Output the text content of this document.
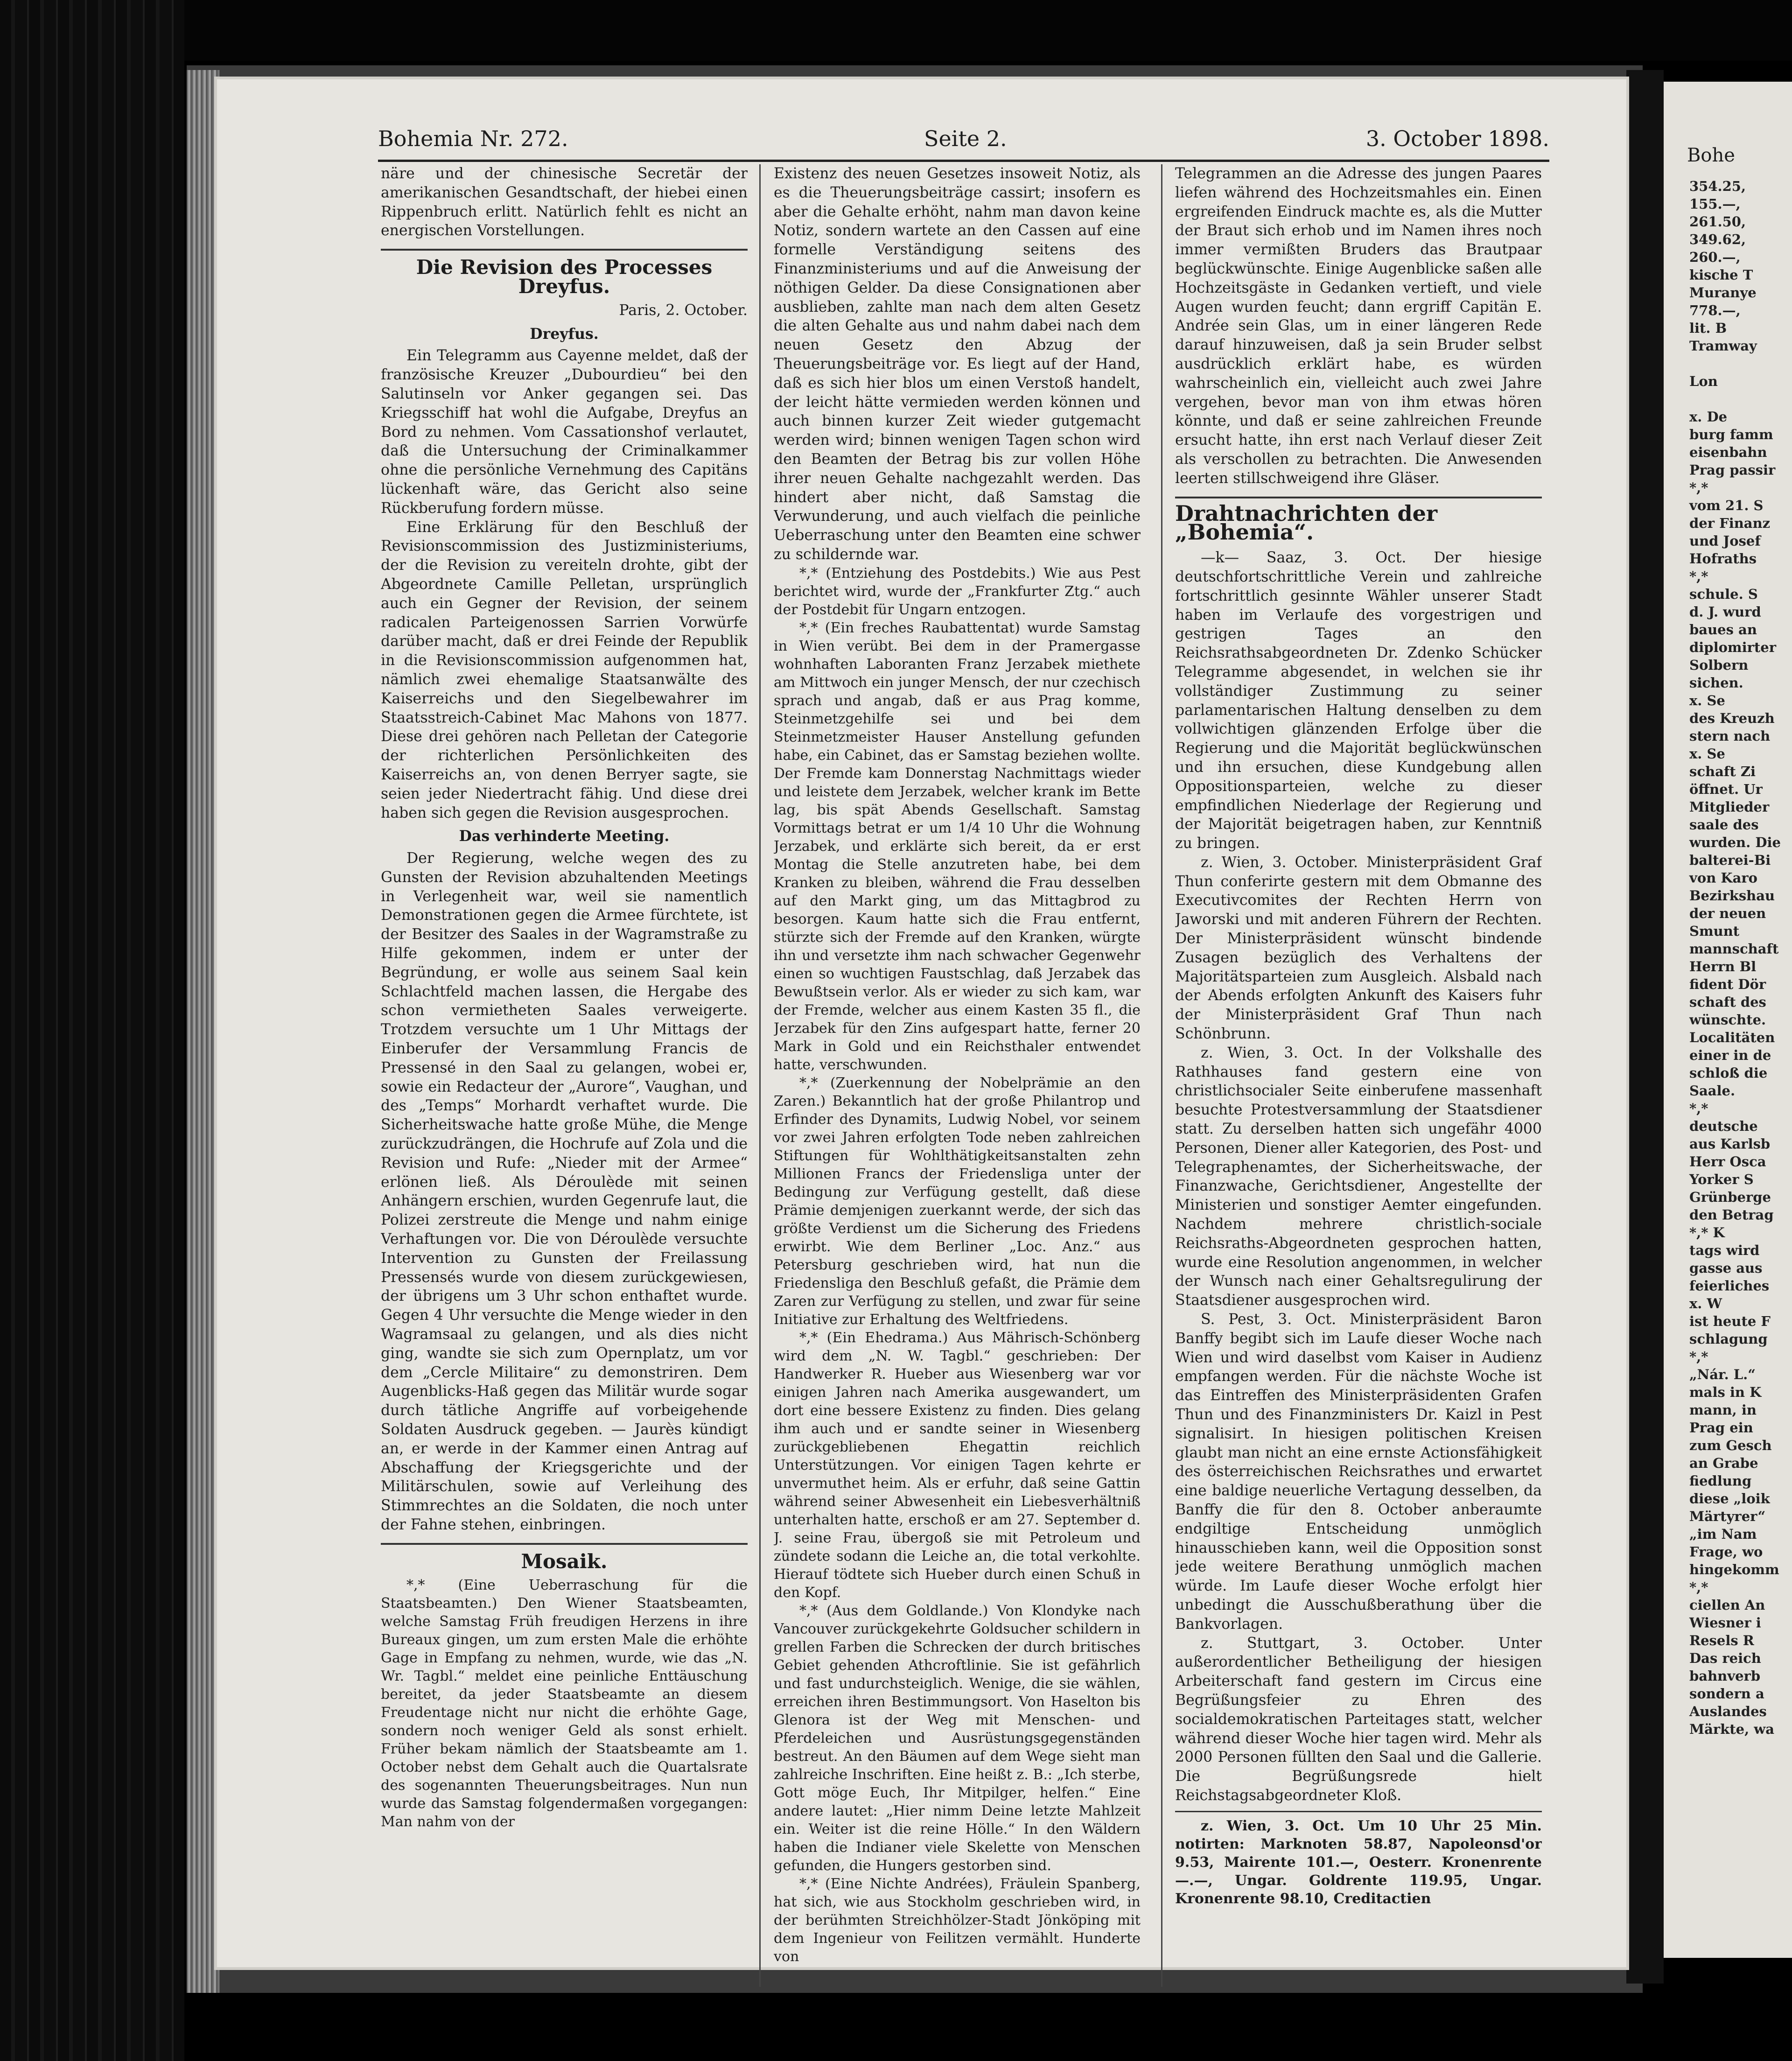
Bohe
354.25,
155.—,
261.50,
349.62,
260.—,
kische T
Muranye
778.—,
lit. B
Tramway

Lon

x. De
burg famm
eisenbahn
Prag passir
*,*
vom 21. S
der Finanz
und Josef
Hofraths
*,*
schule. S
d. J. wurd
baues an
diplomirter
Solbern
sichen.
x. Se
des Kreuzh
stern nach
x. Se
schaft Zi
öffnet. Ur
Mitglieder
saale des
wurden. Die
balterei-Bi
von Karo
Bezirkshau
der neuen
Smunt
mannschaft
Herrn Bl
fident Dör
schaft des
wünschte.
Localitäten
einer in de
schloß die
Saale.
*,*
deutsche
aus Karlsb
Herr Osca
Yorker S
Grünberge
den Betrag
*,* K
tags wird
gasse aus
feierliches
x. W
ist heute F
schlagung
*,*
„Nár. L.“
mals in K
mann, in
Prag ein
zum Gesch
an Grabe
fiedlung
diese „loik
Märtyrer“
„im Nam
Frage, wo
hingekomm
*,*
ciellen An
Wiesner i
Resels R
Das reich
bahnverb
sondern a
Auslandes
Märkte, wa
Bohemia Nr. 272.	Seite 2.	3. October 1898.

näre und der chinesische Secretär der amerikanischen Gesandtschaft, der hiebei einen Rippenbruch erlitt. Natürlich fehlt es nicht an energischen Vorstellungen.

Die Revision des Processes Dreyfus.
Paris, 2. October.
Dreyfus.

Ein Telegramm aus Cayenne meldet, daß der französische Kreuzer „Dubourdieu“ bei den Salutinseln vor Anker gegangen sei. Das Kriegsschiff hat wohl die Aufgabe, Dreyfus an Bord zu nehmen. Vom Cassationshof verlautet, daß die Untersuchung der Criminalkammer ohne die persönliche Vernehmung des Capitäns lückenhaft wäre, das Gericht also seine Rückberufung fordern müsse.

Eine Erklärung für den Beschluß der Revisionscommission des Justizministeriums, der die Revision zu vereiteln drohte, gibt der Abgeordnete Camille Pelletan, ursprünglich auch ein Gegner der Revision, der seinem radicalen Parteigenossen Sarrien Vorwürfe darüber macht, daß er drei Feinde der Republik in die Revisionscommission aufgenommen hat, nämlich zwei ehemalige Staatsanwälte des Kaiserreichs und den Siegelbewahrer im Staatsstreich-Cabinet Mac Mahons von 1877. Diese drei gehören nach Pelletan der Categorie der richterlichen Persönlichkeiten des Kaiserreichs an, von denen Berryer sagte, sie seien jeder Niedertracht fähig. Und diese drei haben sich gegen die Revision ausgesprochen.

Das verhinderte Meeting.

Der Regierung, welche wegen des zu Gunsten der Revision abzuhaltenden Meetings in Verlegenheit war, weil sie namentlich Demonstrationen gegen die Armee fürchtete, ist der Besitzer des Saales in der Wagramstraße zu Hilfe gekommen, indem er unter der Begründung, er wolle aus seinem Saal kein Schlachtfeld machen lassen, die Hergabe des schon vermietheten Saales verweigerte. Trotzdem versuchte um 1 Uhr Mittags der Einberufer der Versammlung Francis de Pressensé in den Saal zu gelangen, wobei er, sowie ein Redacteur der „Aurore“, Vaughan, und des „Temps“ Morhardt verhaftet wurde. Die Sicherheitswache hatte große Mühe, die Menge zurückzudrängen, die Hochrufe auf Zola und die Revision und Rufe: „Nieder mit der Armee“ erlönen ließ. Als Déroulède mit seinen Anhängern erschien, wurden Gegenrufe laut, die Polizei zerstreute die Menge und nahm einige Verhaftungen vor. Die von Déroulède versuchte Intervention zu Gunsten der Freilassung Pressensés wurde von diesem zurückgewiesen, der übrigens um 3 Uhr schon enthaftet wurde. Gegen 4 Uhr versuchte die Menge wieder in den Wagramsaal zu gelangen, und als dies nicht ging, wandte sie sich zum Opernplatz, um vor dem „Cercle Militaire“ zu demonstriren. Dem Augenblicks-Haß gegen das Militär wurde sogar durch tätliche Angriffe auf vorbeigehende Soldaten Ausdruck gegeben. — Jaurès kündigt an, er werde in der Kammer einen Antrag auf Abschaffung der Kriegsgerichte und der Militärschulen, sowie auf Verleihung des Stimmrechtes an die Soldaten, die noch unter der Fahne stehen, einbringen.

Mosaik.

*,* (Eine Ueberraschung für die Staatsbeamten.) Den Wiener Staatsbeamten, welche Samstag Früh freudigen Herzens in ihre Bureaux gingen, um zum ersten Male die erhöhte Gage in Empfang zu nehmen, wurde, wie das „N. Wr. Tagbl.“ meldet eine peinliche Enttäuschung bereitet, da jeder Staatsbeamte an diesem Freudentage nicht nur nicht die erhöhte Gage, sondern noch weniger Geld als sonst erhielt. Früher bekam nämlich der Staatsbeamte am 1. October nebst dem Gehalt auch die Quartalsrate des sogenannten Theuerungsbeitrages. Nun nun wurde das Samstag folgendermaßen vorgegangen: Man nahm von der

Existenz des neuen Gesetzes insoweit Notiz, als es die Theuerungsbeiträge cassirt; insofern es aber die Gehalte erhöht, nahm man davon keine Notiz, sondern wartete an den Cassen auf eine formelle Verständigung seitens des Finanzministeriums und auf die Anweisung der nöthigen Gelder. Da diese Consignationen aber ausblieben, zahlte man nach dem alten Gesetz die alten Gehalte aus und nahm dabei nach dem neuen Gesetz den Abzug der Theuerungsbeiträge vor. Es liegt auf der Hand, daß es sich hier blos um einen Verstoß handelt, der leicht hätte vermieden werden können und auch binnen kurzer Zeit wieder gutgemacht werden wird; binnen wenigen Tagen schon wird den Beamten der Betrag bis zur vollen Höhe ihrer neuen Gehalte nachgezahlt werden. Das hindert aber nicht, daß Samstag die Verwunderung, und auch vielfach die peinliche Ueberraschung unter den Beamten eine schwer zu schildernde war.

*,* (Entziehung des Postdebits.) Wie aus Pest berichtet wird, wurde der „Frankfurter Ztg.“ auch der Postdebit für Ungarn entzogen.

*,* (Ein freches Raubattentat) wurde Samstag in Wien verübt. Bei dem in der Pramergasse wohnhaften Laboranten Franz Jerzabek miethete am Mittwoch ein junger Mensch, der nur czechisch sprach und angab, daß er aus Prag komme, Steinmetzgehilfe sei und bei dem Steinmetzmeister Hauser Anstellung gefunden habe, ein Cabinet, das er Samstag beziehen wollte. Der Fremde kam Donnerstag Nachmittags wieder und leistete dem Jerzabek, welcher krank im Bette lag, bis spät Abends Gesellschaft. Samstag Vormittags betrat er um 1/4 10 Uhr die Wohnung Jerzabek, und erklärte sich bereit, da er erst Montag die Stelle anzutreten habe, bei dem Kranken zu bleiben, während die Frau desselben auf den Markt ging, um das Mittagbrod zu besorgen. Kaum hatte sich die Frau entfernt, stürzte sich der Fremde auf den Kranken, würgte ihn und versetzte ihm nach schwacher Gegenwehr einen so wuchtigen Faustschlag, daß Jerzabek das Bewußtsein verlor. Als er wieder zu sich kam, war der Fremde, welcher aus einem Kasten 35 fl., die Jerzabek für den Zins aufgespart hatte, ferner 20 Mark in Gold und ein Reichsthaler entwendet hatte, verschwunden.

*,* (Zuerkennung der Nobelprämie an den Zaren.) Bekanntlich hat der große Philantrop und Erfinder des Dynamits, Ludwig Nobel, vor seinem vor zwei Jahren erfolgten Tode neben zahlreichen Stiftungen für Wohlthätigkeitsanstalten zehn Millionen Francs der Friedensliga unter der Bedingung zur Verfügung gestellt, daß diese Prämie demjenigen zuerkannt werde, der sich das größte Verdienst um die Sicherung des Friedens erwirbt. Wie dem Berliner „Loc. Anz.“ aus Petersburg geschrieben wird, hat nun die Friedensliga den Beschluß gefaßt, die Prämie dem Zaren zur Verfügung zu stellen, und zwar für seine Initiative zur Erhaltung des Weltfriedens.

*,* (Ein Ehedrama.) Aus Mährisch-Schönberg wird dem „N. W. Tagbl.“ geschrieben: Der Handwerker R. Hueber aus Wiesenberg war vor einigen Jahren nach Amerika ausgewandert, um dort eine bessere Existenz zu finden. Dies gelang ihm auch und er sandte seiner in Wiesenberg zurückgebliebenen Ehegattin reichlich Unterstützungen. Vor einigen Tagen kehrte er unvermuthet heim. Als er erfuhr, daß seine Gattin während seiner Abwesenheit ein Liebesverhältniß unterhalten hatte, erschoß er am 27. September d. J. seine Frau, übergoß sie mit Petroleum und zündete sodann die Leiche an, die total verkohlte. Hierauf tödtete sich Hueber durch einen Schuß in den Kopf.

*,* (Aus dem Goldlande.) Von Klondyke nach Vancouver zurückgekehrte Goldsucher schildern in grellen Farben die Schrecken der durch britisches Gebiet gehenden Athcroftlinie. Sie ist gefährlich und fast undurchsteiglich. Wenige, die sie wählen, erreichen ihren Bestimmungsort. Von Haselton bis Glenora ist der Weg mit Menschen- und Pferdeleichen und Ausrüstungsgegenständen bestreut. An den Bäumen auf dem Wege sieht man zahlreiche Inschriften. Eine heißt z. B.: „Ich sterbe, Gott möge Euch, Ihr Mitpilger, helfen.“ Eine andere lautet: „Hier nimm Deine letzte Mahlzeit ein. Weiter ist die reine Hölle.“ In den Wäldern haben die Indianer viele Skelette von Menschen gefunden, die Hungers gestorben sind.

*,* (Eine Nichte Andrées), Fräulein Spanberg, hat sich, wie aus Stockholm geschrieben wird, in der berühmten Streichhölzer-Stadt Jönköping mit dem Ingenieur von Feilitzen vermählt. Hunderte von

Telegrammen an die Adresse des jungen Paares liefen während des Hochzeitsmahles ein. Einen ergreifenden Eindruck machte es, als die Mutter der Braut sich erhob und im Namen ihres noch immer vermißten Bruders das Brautpaar beglückwünschte. Einige Augenblicke saßen alle Hochzeitsgäste in Gedanken vertieft, und viele Augen wurden feucht; dann ergriff Capitän E. Andrée sein Glas, um in einer längeren Rede darauf hinzuweisen, daß ja sein Bruder selbst ausdrücklich erklärt habe, es würden wahrscheinlich ein, vielleicht auch zwei Jahre vergehen, bevor man von ihm etwas hören könnte, und daß er seine zahlreichen Freunde ersucht hatte, ihn erst nach Verlauf dieser Zeit als verschollen zu betrachten. Die Anwesenden leerten stillschweigend ihre Gläser.

Drahtnachrichten der „Bohemia“.

—k— Saaz, 3. Oct. Der hiesige deutschfortschrittliche Verein und zahlreiche fortschrittlich gesinnte Wähler unserer Stadt haben im Verlaufe des vorgestrigen und gestrigen Tages an den Reichsrathsabgeordneten Dr. Zdenko Schücker Telegramme abgesendet, in welchen sie ihr vollständiger Zustimmung zu seiner parlamentarischen Haltung denselben zu dem vollwichtigen glänzenden Erfolge über die Regierung und die Majorität beglückwünschen und ihn ersuchen, diese Kundgebung allen Oppositionsparteien, welche zu dieser empfindlichen Niederlage der Regierung und der Majorität beigetragen haben, zur Kenntniß zu bringen.

z. Wien, 3. October. Ministerpräsident Graf Thun conferirte gestern mit dem Obmanne des Executivcomites der Rechten Herrn von Jaworski und mit anderen Führern der Rechten. Der Ministerpräsident wünscht bindende Zusagen bezüglich des Verhaltens der Majoritätsparteien zum Ausgleich. Alsbald nach der Abends erfolgten Ankunft des Kaisers fuhr der Ministerpräsident Graf Thun nach Schönbrunn.

z. Wien, 3. Oct. In der Volkshalle des Rathhauses fand gestern eine von christlichsocialer Seite einberufene massenhaft besuchte Protestversammlung der Staatsdiener statt. Zu derselben hatten sich ungefähr 4000 Personen, Diener aller Kategorien, des Post- und Telegraphenamtes, der Sicherheitswache, der Finanzwache, Gerichtsdiener, Angestellte der Ministerien und sonstiger Aemter eingefunden. Nachdem mehrere christlich-sociale Reichsraths-Abgeordneten gesprochen hatten, wurde eine Resolution angenommen, in welcher der Wunsch nach einer Gehaltsregulirung der Staatsdiener ausgesprochen wird.

S. Pest, 3. Oct. Ministerpräsident Baron Banffy begibt sich im Laufe dieser Woche nach Wien und wird daselbst vom Kaiser in Audienz empfangen werden. Für die nächste Woche ist das Eintreffen des Ministerpräsidenten Grafen Thun und des Finanzministers Dr. Kaizl in Pest signalisirt. In hiesigen politischen Kreisen glaubt man nicht an eine ernste Actionsfähigkeit des österreichischen Reichsrathes und erwartet eine baldige neuerliche Vertagung desselben, da Banffy die für den 8. October anberaumte endgiltige Entscheidung unmöglich hinausschieben kann, weil die Opposition sonst jede weitere Berathung unmöglich machen würde. Im Laufe dieser Woche erfolgt hier unbedingt die Ausschußberathung über die Bankvorlagen.

z. Stuttgart, 3. October. Unter außerordentlicher Betheiligung der hiesigen Arbeiterschaft fand gestern im Circus eine Begrüßungsfeier zu Ehren des socialdemokratischen Parteitages statt, welcher während dieser Woche hier tagen wird. Mehr als 2000 Personen füllten den Saal und die Gallerie. Die Begrüßungsrede hielt Reichstagsabgeordneter Kloß.

z. Wien, 3. Oct. Um 10 Uhr 25 Min. notirten: Marknoten 58.87, Napoleonsd'or 9.53, Mairente 101.—, Oesterr. Kronenrente —.—, Ungar. Goldrente 119.95, Ungar. Kronenrente 98.10, Creditactien
